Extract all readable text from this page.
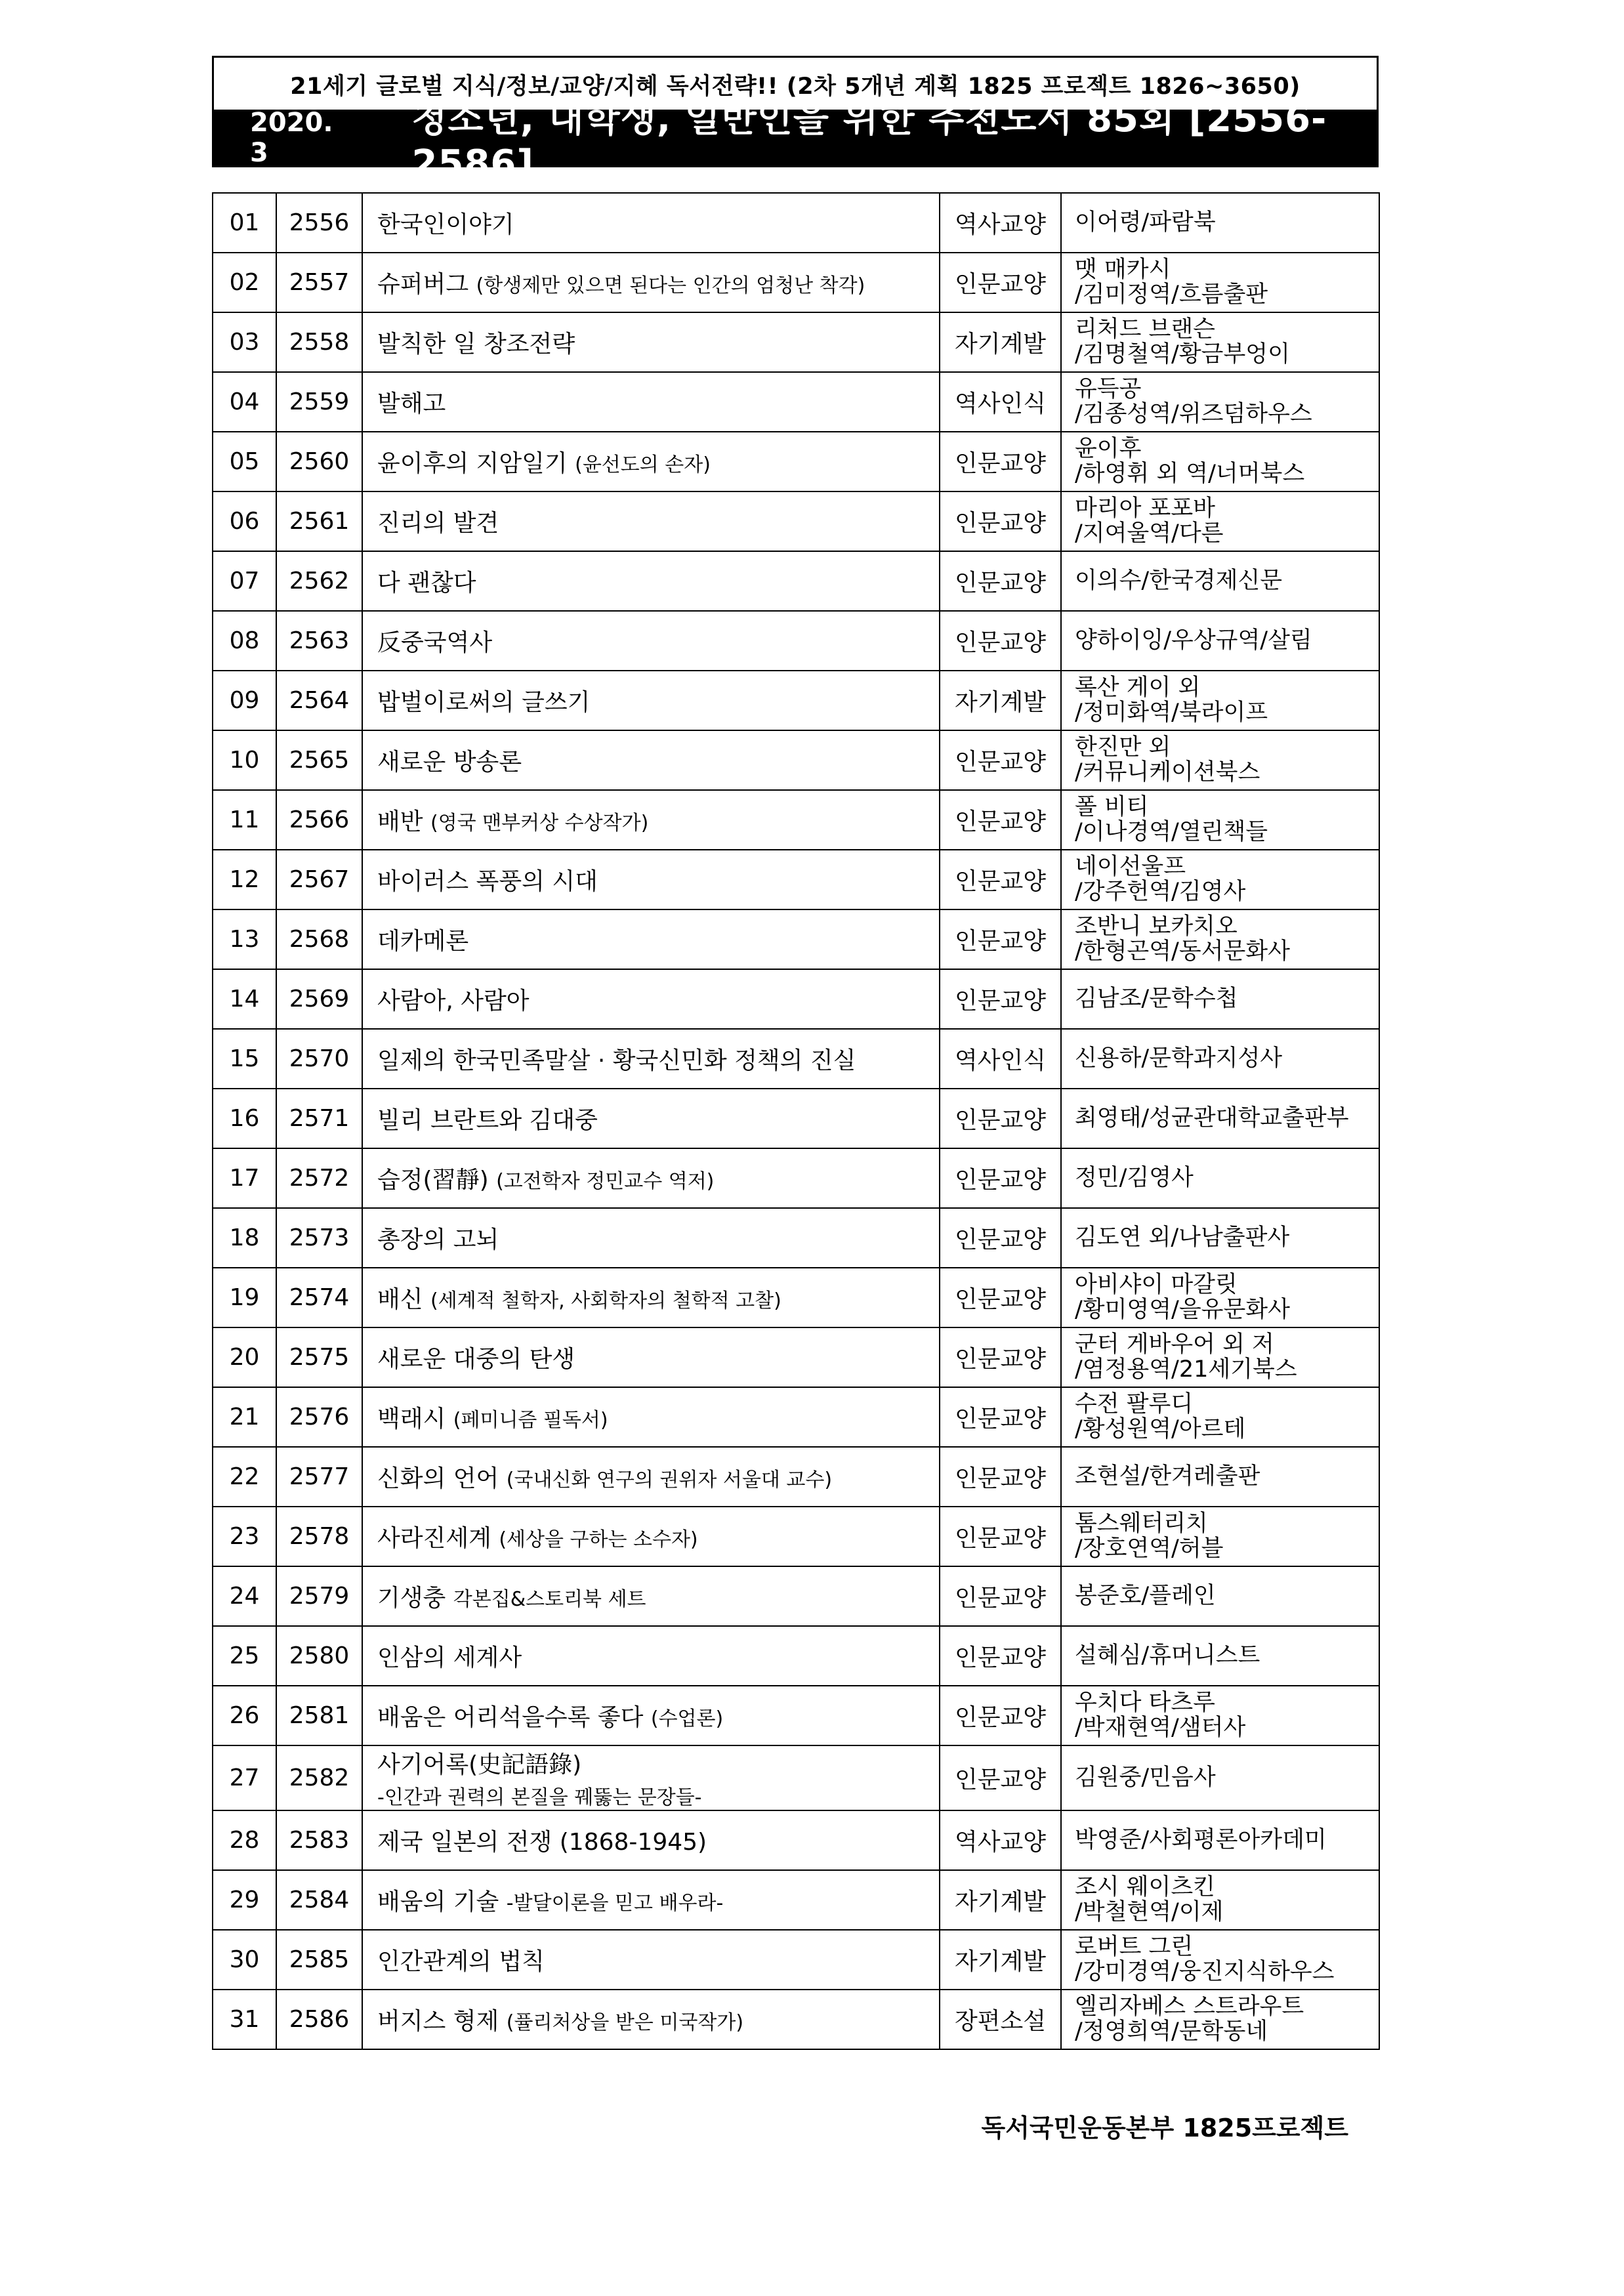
21세기 글로벌 지식/정보/교양/지혜 독서전략!! (2차 5개년 계획 1825 프로젝트 1826~3650)
2020. 3
청소년, 대학생, 일반인을 위한 추천도서 85회 [2556-2586]
01	2556	한국인이야기	역사교양	이어령/파람북
02	2557	슈퍼버그 (항생제만 있으면 된다는 인간의 엄청난 착각)	인문교양	맷 매카시
/김미정역/흐름출판
03	2558	발칙한 일 창조전략	자기계발	리처드 브랜슨
/김명철역/황금부엉이
04	2559	발해고	역사인식	유득공
/김종성역/위즈덤하우스
05	2560	윤이후의 지암일기 (윤선도의 손자)	인문교양	윤이후
/하영휘 외 역/너머북스
06	2561	진리의 발견	인문교양	마리아 포포바
/지여울역/다른
07	2562	다 괜찮다	인문교양	이의수/한국경제신문
08	2563	反중국역사	인문교양	양하이잉/우상규역/살림
09	2564	밥벌이로써의 글쓰기	자기계발	록산 게이 외
/정미화역/북라이프
10	2565	새로운 방송론	인문교양	한진만 외
/커뮤니케이션북스
11	2566	배반 (영국 맨부커상 수상작가)	인문교양	폴 비티
/이나경역/열린책들
12	2567	바이러스 폭풍의 시대	인문교양	네이선울프
/강주헌역/김영사
13	2568	데카메론	인문교양	조반니 보카치오
/한형곤역/동서문화사
14	2569	사람아, 사람아	인문교양	김남조/문학수첩
15	2570	일제의 한국민족말살 · 황국신민화 정책의 진실	역사인식	신용하/문학과지성사
16	2571	빌리 브란트와 김대중	인문교양	최영태/성균관대학교출판부
17	2572	습정(習靜) (고전학자 정민교수 역저)	인문교양	정민/김영사
18	2573	총장의 고뇌	인문교양	김도연 외/나남출판사
19	2574	배신 (세계적 철학자, 사회학자의 철학적 고찰)	인문교양	아비샤이 마갈릿
/황미영역/을유문화사
20	2575	새로운 대중의 탄생	인문교양	군터 게바우어 외 저
/염정용역/21세기북스
21	2576	백래시 (페미니즘 필독서)	인문교양	수전 팔루디
/황성원역/아르테
22	2577	신화의 언어 (국내신화 연구의 권위자 서울대 교수)	인문교양	조현설/한겨레출판
23	2578	사라진세계 (세상을 구하는 소수자)	인문교양	톰스웨터리치
/장호연역/허블
24	2579	기생충 각본집&스토리북 세트	인문교양	봉준호/플레인
25	2580	인삼의 세계사	인문교양	설혜심/휴머니스트
26	2581	배움은 어리석을수록 좋다 (수업론)	인문교양	우치다 타츠루
/박재현역/샘터사
27	2582	사기어록(史記語錄)
-인간과 권력의 본질을 꿰뚫는 문장들-	인문교양	김원중/민음사
28	2583	제국 일본의 전쟁 (1868-1945)	역사교양	박영준/사회평론아카데미
29	2584	배움의 기술 -발달이론을 믿고 배우라-	자기계발	조시 웨이츠킨
/박철현역/이제
30	2585	인간관계의 법칙	자기계발	로버트 그린
/강미경역/웅진지식하우스
31	2586	버지스 형제 (퓰리처상을 받은 미국작가)	장편소설	엘리자베스 스트라우트
/정영희역/문학동네
독서국민운동본부 1825프로젝트
